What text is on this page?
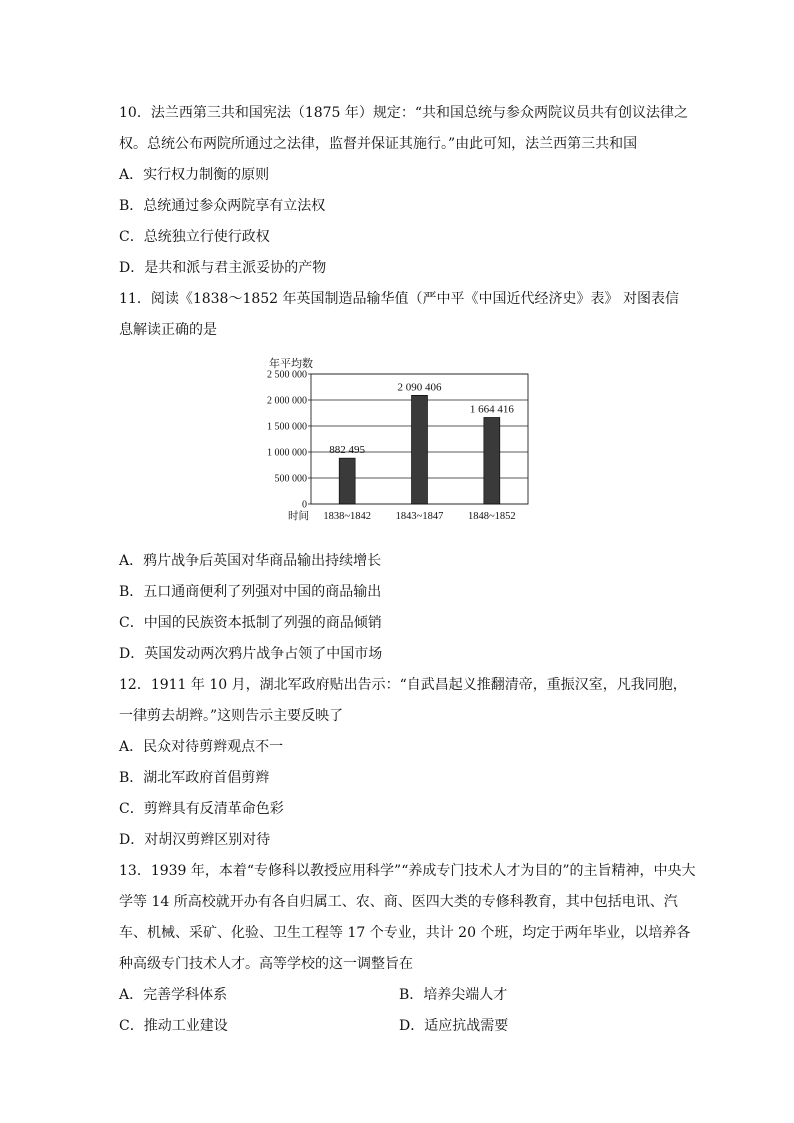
10．法兰西第三共和国宪法（1875 年）规定：“共和国总统与参众两院议员共有创议法律之
权。总统公布两院所通过之法律，监督并保证其施行。”由此可知，法兰西第三共和国
A．实行权力制衡的原则
B．总统通过参众两院享有立法权
C．总统独立行使行政权
D．是共和派与君主派妥协的产物
11．阅读《1838～1852 年英国制造品输华值（严中平《中国近代经济史》表》 对图表信
息解读正确的是
年平均数
0
500 000
1 000 000
1 500 000
2 000 000
2 500 000
882 495
1838~1842
2 090 406
1843~1847
1 664 416
1848~1852
时间
A．鸦片战争后英国对华商品输出持续增长
B．五口通商便利了列强对中国的商品输出
C．中国的民族资本抵制了列强的商品倾销
D．英国发动两次鸦片战争占领了中国市场
12．1911 年 10 月，湖北军政府贴出告示：“自武昌起义推翻清帝，重振汉室，凡我同胞，
一律剪去胡辫。”这则告示主要反映了
A．民众对待剪辫观点不一
B．湖北军政府首倡剪辫
C．剪辫具有反清革命色彩
D．对胡汉剪辫区别对待
13．1939 年，本着“专修科以教授应用科学”“养成专门技术人才为目的”的主旨精神，中央大
学等 14 所高校就开办有各自归属工、农、商、医四大类的专修科教育，其中包括电讯、汽
车、机械、采矿、化验、卫生工程等 17 个专业，共计 20 个班，均定于两年毕业，以培养各
种高级专门技术人才。高等学校的这一调整旨在
A．完善学科体系	B．培养尖端人才
C．推动工业建设	D．适应抗战需要
